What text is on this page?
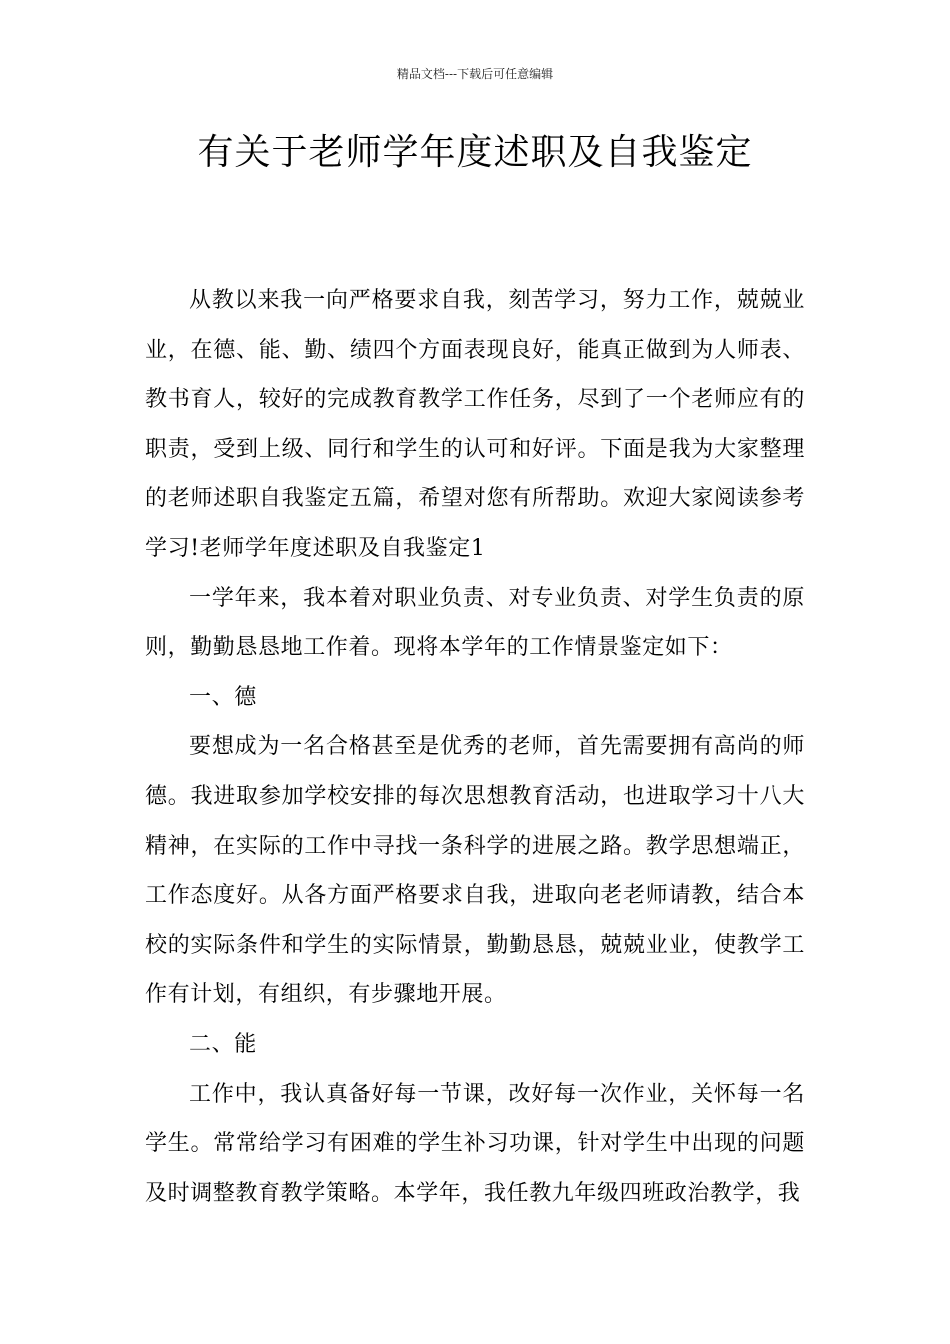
精品文档---下载后可任意编辑
有关于老师学年度述职及自我鉴定

从教以来我一向严格要求自我，刻苦学习，努力工作，兢兢业业，在德、能、勤、绩四个方面表现良好，能真正做到为人师表、教书育人，较好的完成教育教学工作任务，尽到了一个老师应有的职责，受到上级、同行和学生的认可和好评。下面是我为大家整理的老师述职自我鉴定五篇，希望对您有所帮助。欢迎大家阅读参考学习!老师学年度述职及自我鉴定1

一学年来，我本着对职业负责、对专业负责、对学生负责的原则，勤勤恳恳地工作着。现将本学年的工作情景鉴定如下：

一、德

要想成为一名合格甚至是优秀的老师，首先需要拥有高尚的师德。我进取参加学校安排的每次思想教育活动，也进取学习十八大精神，在实际的工作中寻找一条科学的进展之路。教学思想端正，工作态度好。从各方面严格要求自我，进取向老老师请教，结合本校的实际条件和学生的实际情景，勤勤恳恳，兢兢业业，使教学工作有计划，有组织，有步骤地开展。

二、能

工作中，我认真备好每一节课，改好每一次作业，关怀每一名学生。常常给学习有困难的学生补习功课，针对学生中出现的问题及时调整教育教学策略。本学年，我任教九年级四班政治教学，我
